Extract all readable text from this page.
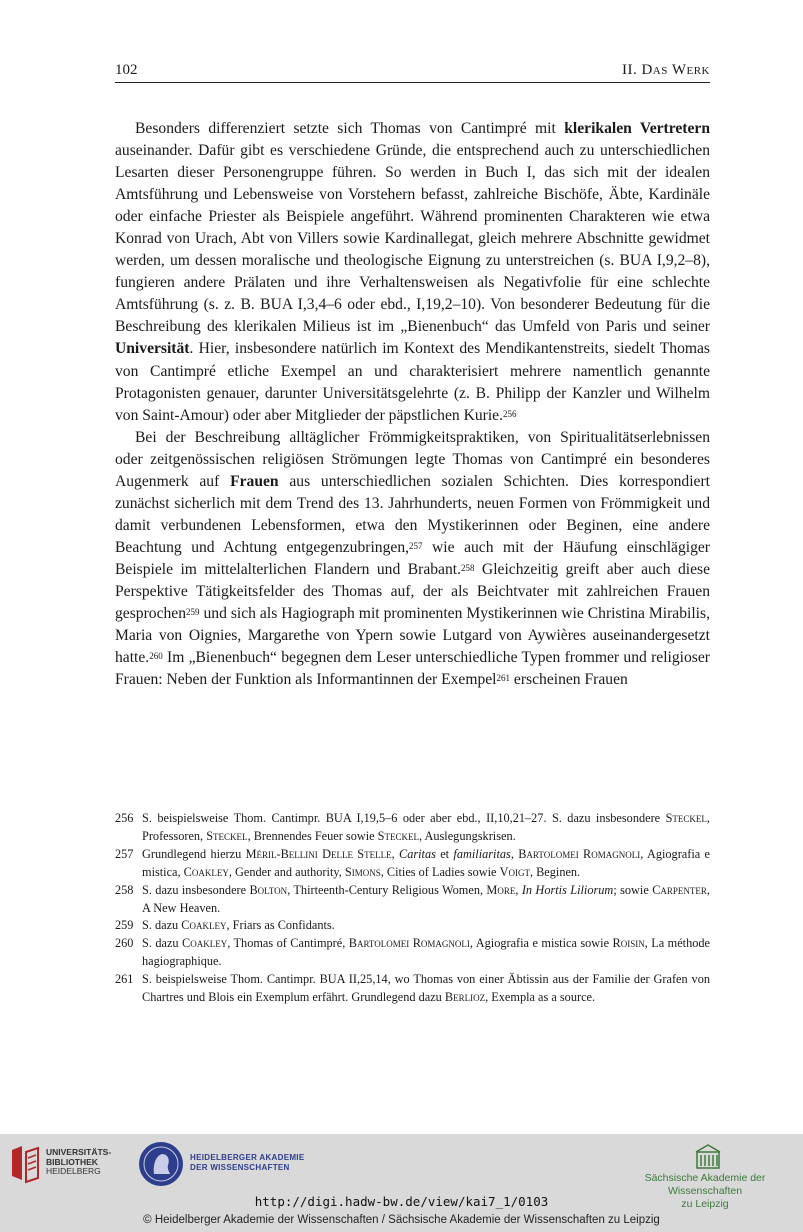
102	II. Das Werk

Besonders differenziert setzte sich Thomas von Cantimpré mit klerikalen Vertretern auseinander. Dafür gibt es verschiedene Gründe, die entsprechend auch zu unterschiedlichen Lesarten dieser Personengruppe führen. So werden in Buch I, das sich mit der idealen Amtsführung und Lebensweise von Vorstehern befasst, zahlreiche Bischöfe, Äbte, Kardinäle oder einfache Priester als Beispiele angeführt. Während prominenten Charakteren wie etwa Konrad von Urach, Abt von Villers sowie Kardinallegat, gleich mehrere Abschnitte gewidmet werden, um dessen moralische und theologische Eignung zu unterstreichen (s. BUA I,9,2–8), fungieren andere Prälaten und ihre Verhaltensweisen als Negativfolie für eine schlechte Amtsführung (s. z. B. BUA I,3,4–6 oder ebd., I,19,2–10). Von besonderer Bedeutung für die Beschreibung des klerikalen Milieus ist im „Bienenbuch“ das Umfeld von Paris und seiner Universität. Hier, insbesondere natürlich im Kontext des Mendikantenstreits, siedelt Thomas von Cantimpré etliche Exempel an und charakterisiert mehrere namentlich genannte Protagonisten genauer, darunter Universitätsgelehrte (z. B. Philipp der Kanzler und Wilhelm von Saint-Amour) oder aber Mitglieder der päpstlichen Kurie.$^{256}$

Bei der Beschreibung alltäglicher Frömmigkeitspraktiken, von Spiritualitätserlebnissen oder zeitgenössischen religiösen Strömungen legte Thomas von Cantimpré ein besonderes Augenmerk auf Frauen aus unterschiedlichen sozialen Schichten. Dies korrespondiert zunächst sicherlich mit dem Trend des 13. Jahrhunderts, neuen Formen von Frömmigkeit und damit verbundenen Lebensformen, etwa den Mystikerinnen oder Beginen, eine andere Beachtung und Achtung entgegenzubringen,$^{257}$ wie auch mit der Häufung einschlägiger Beispiele im mittelalterlichen Flandern und Brabant.$^{258}$ Gleichzeitig greift aber auch diese Perspektive Tätigkeitsfelder des Thomas auf, der als Beichtvater mit zahlreichen Frauen gesprochen$^{259}$ und sich als Hagiograph mit prominenten Mystikerinnen wie Christina Mirabilis, Maria von Oignies, Margarethe von Ypern sowie Lutgard von Aywières auseinandergesetzt hatte.$^{260}$ Im „Bienenbuch“ begegnen dem Leser unterschiedliche Typen frommer und religioser Frauen: Neben der Funktion als Informantinnen der Exempel$^{261}$ erscheinen Frauen

256 S. beispielsweise Thom. Cantimpr. BUA I,19,5–6 oder aber ebd., II,10,21–27. S. dazu insbesondere Steckel, Professoren, Steckel, Brennendes Feuer sowie Steckel, Auslegungskrisen.
257 Grundlegend hierzu Méril-Bellini Delle Stelle, Caritas et familiaritas, Bartolomei Romagnoli, Agiografia e mistica, Coakley, Gender and authority, Simons, Cities of Ladies sowie Voigt, Beginen.
258 S. dazu insbesondere Bolton, Thirteenth-Century Religious Women, More, In Hortis Liliorum; sowie Carpenter, A New Heaven.
259 S. dazu Coakley, Friars as Confidants.
260 S. dazu Coakley, Thomas of Cantimpré, Bartolomei Romagnoli, Agiografia e mistica sowie Roisin, La méthode hagiographique.
261 S. beispielsweise Thom. Cantimpr. BUA II,25,14, wo Thomas von einer Äbtissin aus der Familie der Grafen von Chartres und Blois ein Exemplum erfährt. Grundlegend dazu Berlioz, Exempla as a source.
UNIVERSITÄTS-
BIBLIOTHEK
HEIDELBERG
HEIDELBERGER AKADEMIE
DER WISSENSCHAFTEN
Sächsische Akademie der Wissenschaften
zu Leipzig
http://digi.hadw-bw.de/view/kai7_1/0103
© Heidelberger Akademie der Wissenschaften / Sächsische Akademie der Wissenschaften zu Leipzig
